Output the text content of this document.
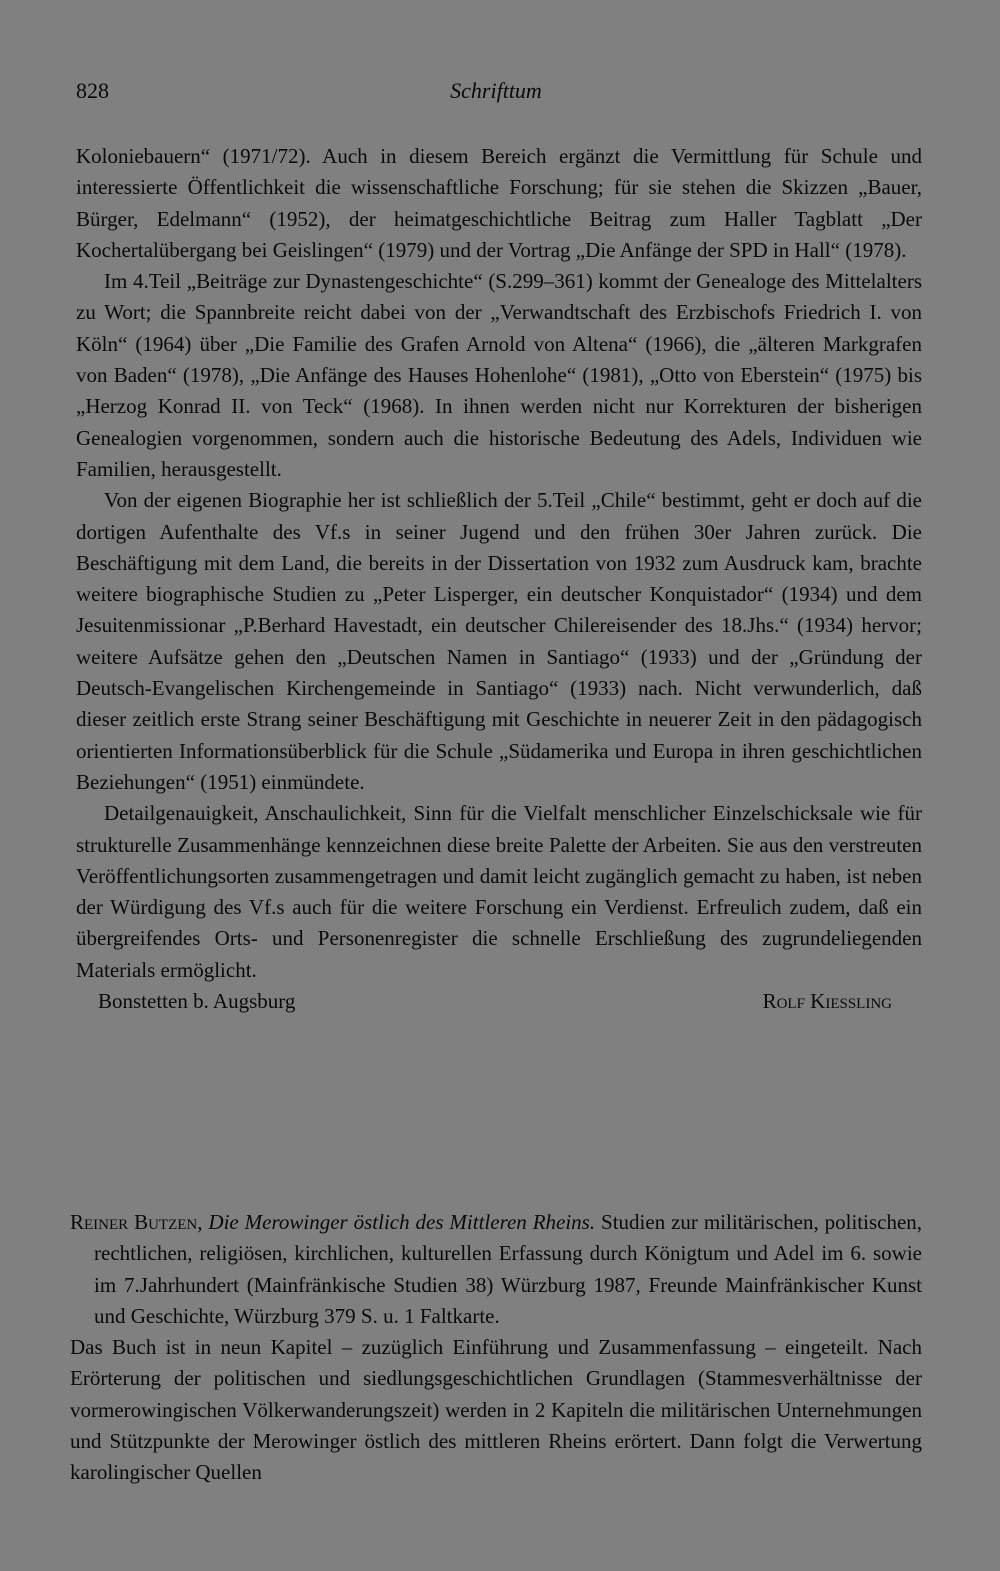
828	Schrifttum

Koloniebauern“ (1971/72). Auch in diesem Bereich ergänzt die Vermittlung für Schule und interessierte Öffentlichkeit die wissenschaftliche Forschung; für sie stehen die Skizzen „Bauer, Bürger, Edelmann“ (1952), der heimatgeschichtliche Beitrag zum Haller Tagblatt „Der Kochertalübergang bei Geislingen“ (1979) und der Vortrag „Die Anfänge der SPD in Hall“ (1978).

Im 4.Teil „Beiträge zur Dynastengeschichte“ (S.299–361) kommt der Genealoge des Mittelalters zu Wort; die Spannbreite reicht dabei von der „Verwandtschaft des Erzbischofs Friedrich I. von Köln“ (1964) über „Die Familie des Grafen Arnold von Altena“ (1966), die „älteren Markgrafen von Baden“ (1978), „Die Anfänge des Hauses Hohenlohe“ (1981), „Otto von Eberstein“ (1975) bis „Herzog Konrad II. von Teck“ (1968). In ihnen werden nicht nur Korrekturen der bisherigen Genealogien vorgenommen, sondern auch die historische Bedeutung des Adels, Individuen wie Familien, herausgestellt.

Von der eigenen Biographie her ist schließlich der 5.Teil „Chile“ bestimmt, geht er doch auf die dortigen Aufenthalte des Vf.s in seiner Jugend und den frühen 30er Jahren zurück. Die Beschäftigung mit dem Land, die bereits in der Dissertation von 1932 zum Ausdruck kam, brachte weitere biographische Studien zu „Peter Lisperger, ein deutscher Konquistador“ (1934) und dem Jesuitenmissionar „P.Berhard Havestadt, ein deutscher Chilereisender des 18.Jhs.“ (1934) hervor; weitere Aufsätze gehen den „Deutschen Namen in Santiago“ (1933) und der „Gründung der Deutsch-Evangelischen Kirchengemeinde in Santiago“ (1933) nach. Nicht verwunderlich, daß dieser zeitlich erste Strang seiner Beschäftigung mit Geschichte in neuerer Zeit in den pädagogisch orientierten Informationsüberblick für die Schule „Südamerika und Europa in ihren geschichtlichen Beziehungen“ (1951) einmündete.

Detailgenauigkeit, Anschaulichkeit, Sinn für die Vielfalt menschlicher Einzelschicksale wie für strukturelle Zusammenhänge kennzeichnen diese breite Palette der Arbeiten. Sie aus den verstreuten Veröffentlichungsorten zusammengetragen und damit leicht zugänglich gemacht zu haben, ist neben der Würdigung des Vf.s auch für die weitere Forschung ein Verdienst. Erfreulich zudem, daß ein übergreifendes Orts- und Personenregister die schnelle Erschließung des zugrundeliegenden Materials ermöglicht.

Bonstetten b. Augsburg	Rolf Kiessling

Reiner Butzen, Die Merowinger östlich des Mittleren Rheins. Studien zur militärischen, politischen, rechtlichen, religiösen, kirchlichen, kulturellen Erfassung durch Königtum und Adel im 6. sowie im 7.Jahrhundert (Mainfränkische Studien 38) Würzburg 1987, Freunde Mainfränkischer Kunst und Geschichte, Würzburg 379 S. u. 1 Faltkarte.

Das Buch ist in neun Kapitel – zuzüglich Einführung und Zusammenfassung – eingeteilt. Nach Erörterung der politischen und siedlungsgeschichtlichen Grundlagen (Stammesverhältnisse der vormerowingischen Völkerwanderungszeit) werden in 2 Kapiteln die militärischen Unternehmungen und Stützpunkte der Merowinger östlich des mittleren Rheins erörtert. Dann folgt die Verwertung karolingischer Quellen
